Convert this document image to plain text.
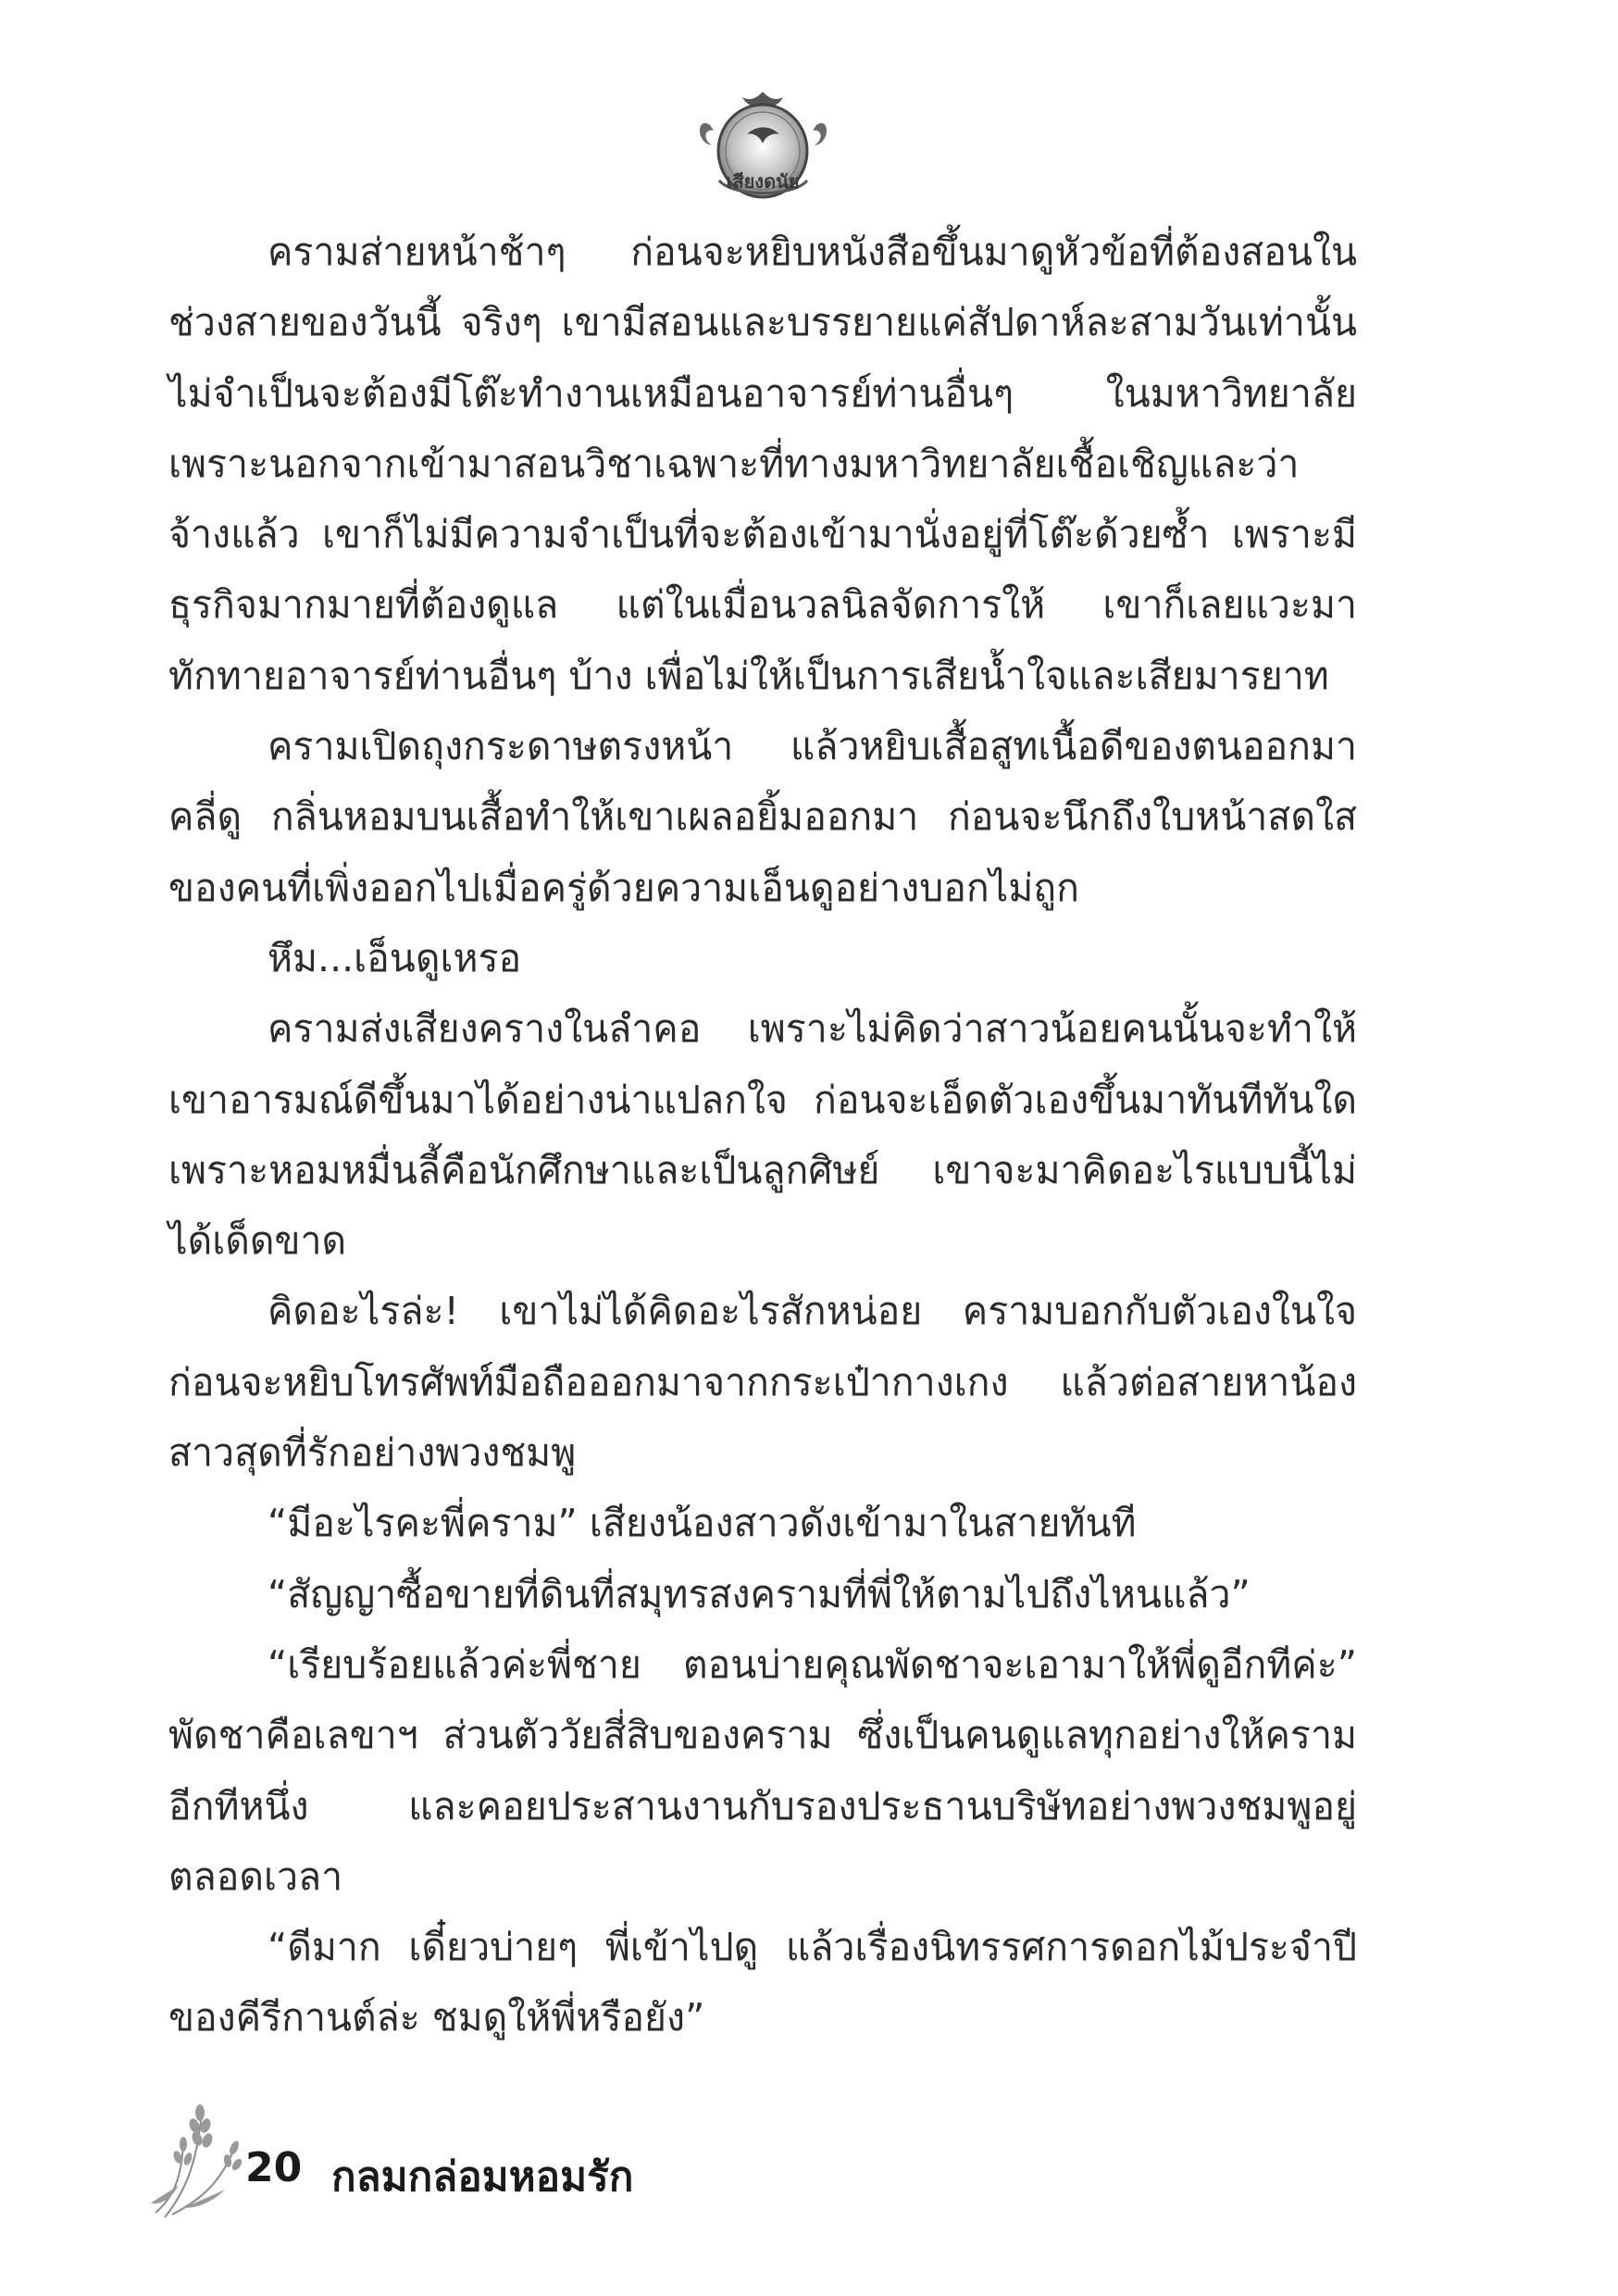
เสียงดนัย

ครามส่ายหน้าช้าๆ ก่อนจะหยิบหนังสือขึ้นมาดูหัวข้อที่ต้องสอนในช่วงสายของวันนี้ จริงๆ เขามีสอนและบรรยายแค่สัปดาห์ละสามวันเท่านั้น ไม่จำเป็นจะต้องมีโต๊ะทำงานเหมือนอาจารย์ท่านอื่นๆ ในมหาวิทยาลัย เพราะนอกจากเข้ามาสอนวิชาเฉพาะที่ทางมหาวิทยาลัยเชื้อเชิญและว่าจ้างแล้ว เขาก็ไม่มีความจำเป็นที่จะต้องเข้ามานั่งอยู่ที่โต๊ะด้วยซ้ำ เพราะมีธุรกิจมากมายที่ต้องดูแล แต่ในเมื่อนวลนิลจัดการให้ เขาก็เลยแวะมาทักทายอาจารย์ท่านอื่นๆ บ้าง เพื่อไม่ให้เป็นการเสียน้ำใจและเสียมารยาท

ครามเปิดถุงกระดาษตรงหน้า แล้วหยิบเสื้อสูทเนื้อดีของตนออกมาคลี่ดู กลิ่นหอมบนเสื้อทำให้เขาเผลอยิ้มออกมา ก่อนจะนึกถึงใบหน้าสดใสของคนที่เพิ่งออกไปเมื่อครู่ด้วยความเอ็นดูอย่างบอกไม่ถูก

หึม...เอ็นดูเหรอ

ครามส่งเสียงครางในลำคอ เพราะไม่คิดว่าสาวน้อยคนนั้นจะทำให้เขาอารมณ์ดีขึ้นมาได้อย่างน่าแปลกใจ ก่อนจะเอ็ดตัวเองขึ้นมาทันทีทันใด เพราะหอมหมื่นลี้คือนักศึกษาและเป็นลูกศิษย์ เขาจะมาคิดอะไรแบบนี้ไม่ได้เด็ดขาด

คิดอะไรล่ะ! เขาไม่ได้คิดอะไรสักหน่อย ครามบอกกับตัวเองในใจก่อนจะหยิบโทรศัพท์มือถือออกมาจากกระเป๋ากางเกง แล้วต่อสายหาน้องสาวสุดที่รักอย่างพวงชมพู

“มีอะไรคะพี่คราม” เสียงน้องสาวดังเข้ามาในสายทันที

“สัญญาซื้อขายที่ดินที่สมุทรสงครามที่พี่ให้ตามไปถึงไหนแล้ว”

“เรียบร้อยแล้วค่ะพี่ชาย ตอนบ่ายคุณพัดชาจะเอามาให้พี่ดูอีกทีค่ะ” พัดชาคือเลขาฯ ส่วนตัววัยสี่สิบของคราม ซึ่งเป็นคนดูแลทุกอย่างให้ครามอีกทีหนึ่ง และคอยประสานงานกับรองประธานบริษัทอย่างพวงชมพูอยู่ตลอดเวลา

“ดีมาก เดี๋ยวบ่ายๆ พี่เข้าไปดู แล้วเรื่องนิทรรศการดอกไม้ประจำปีของคีรีกานต์ล่ะ ชมดูให้พี่หรือยัง”

20 กลมกล่อมหอมรัก
